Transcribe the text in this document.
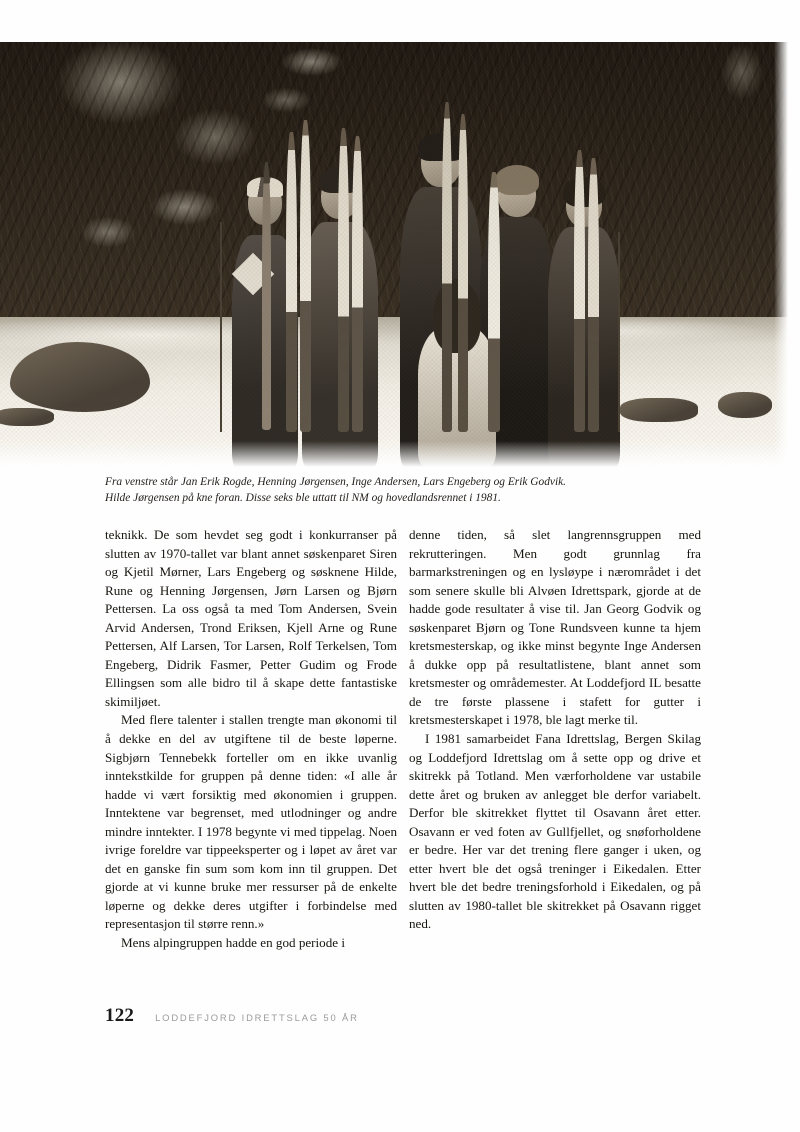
Fra venstre står Jan Erik Rogde, Henning Jørgensen, Inge Andersen, Lars Engeberg og Erik Godvik.
Hilde Jørgensen på kne foran. Disse seks ble uttatt til NM og hovedlandsrennet i 1981.

teknikk. De som hevdet seg godt i konkurranser på slutten av 1970-tallet var blant annet søskenparet Siren og Kjetil Mørner, Lars Engeberg og søsknene Hilde, Rune og Henning Jørgensen, Jørn Larsen og Bjørn Pettersen. La oss også ta med Tom Andersen, Svein Arvid Andersen, Trond Eriksen, Kjell Arne og Rune Pettersen, Alf Larsen, Tor Larsen, Rolf Terkelsen, Tom Engeberg, Didrik Fasmer, Petter Gudim og Frode Ellingsen som alle bidro til å skape dette fantastiske skimiljøet.

Med flere talenter i stallen trengte man økonomi til å dekke en del av utgiftene til de beste løperne. Sigbjørn Tennebekk forteller om en ikke uvanlig inntekstkilde for gruppen på denne tiden: «I alle år hadde vi vært forsiktig med økonomien i gruppen. Inntektene var begrenset, med utlodninger og andre mindre inntekter. I 1978 begynte vi med tippelag. Noen ivrige foreldre var tippeeksperter og i løpet av året var det en ganske fin sum som kom inn til gruppen. Det gjorde at vi kunne bruke mer ressurser på de enkelte løperne og dekke deres utgifter i forbindelse med representasjon til større renn.»

Mens alpingruppen hadde en god periode i

denne tiden, så slet langrennsgruppen med rekrutteringen. Men godt grunnlag fra barmarkstreningen og en lysløype i nærområdet i det som senere skulle bli Alvøen Idrettspark, gjorde at de hadde gode resultater å vise til. Jan Georg Godvik og søskenparet Bjørn og Tone Rundsveen kunne ta hjem kretsmesterskap, og ikke minst begynte Inge Andersen å dukke opp på resultatlistene, blant annet som kretsmester og områdemester. At Loddefjord IL besatte de tre første plassene i stafett for gutter i kretsmesterskapet i 1978, ble lagt merke til.

I 1981 samarbeidet Fana Idrettslag, Bergen Skilag og Loddefjord Idrettslag om å sette opp og drive et skitrekk på Totland. Men værforholdene var ustabile dette året og bruken av anlegget ble derfor variabelt. Derfor ble skitrekket flyttet til Osavann året etter. Osavann er ved foten av Gullfjellet, og snøforholdene er bedre. Her var det trening flere ganger i uken, og etter hvert ble det også treninger i Eikedalen. Etter hvert ble det bedre treningsforhold i Eikedalen, og på slutten av 1980-tallet ble skitrekket på Osavann rigget ned.

122 LODDEFJORD IDRETTSLAG 50 ÅR
